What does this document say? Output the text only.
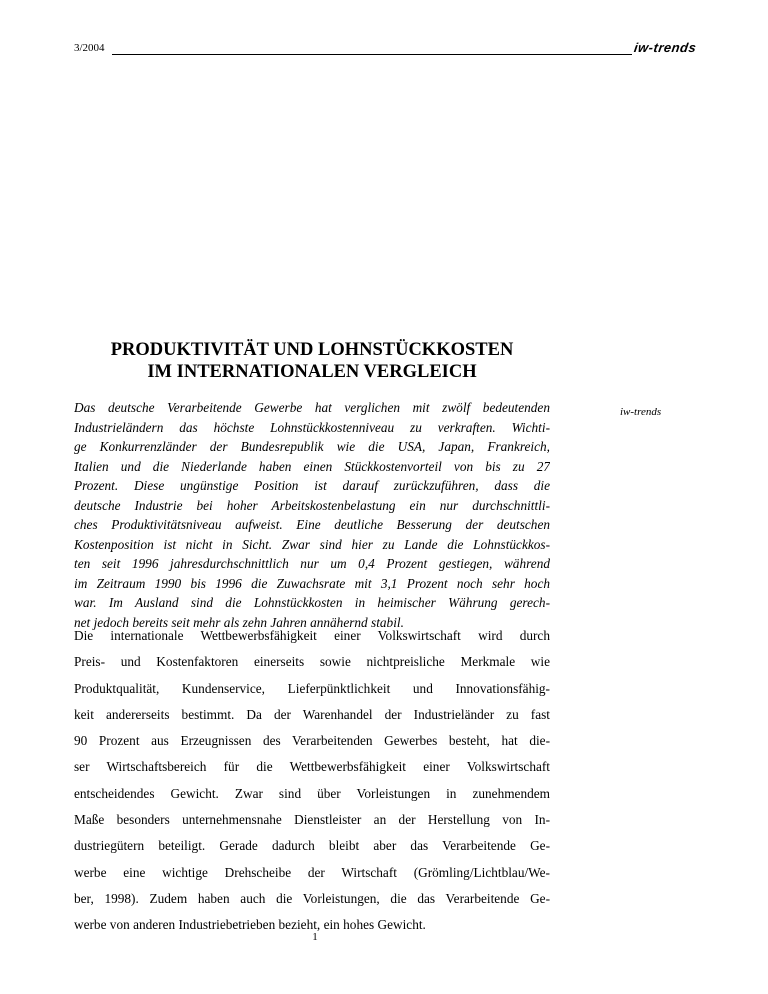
3/2004	iw-trends
PRODUKTIVITÄT UND LOHNSTÜCKKOSTEN
IM INTERNATIONALEN VERGLEICH
iw-trends

Das deutsche Verarbeitende Gewerbe hat verglichen mit zwölf bedeutenden
Industrieländern das höchste Lohnstückkostenniveau zu verkraften. Wichti-
ge Konkurrenzländer der Bundesrepublik wie die USA, Japan, Frankreich,
Italien und die Niederlande haben einen Stückkostenvorteil von bis zu 27
Prozent. Diese ungünstige Position ist darauf zurückzuführen, dass die
deutsche Industrie bei hoher Arbeitskostenbelastung ein nur durchschnittli-
ches Produktivitätsniveau aufweist. Eine deutliche Besserung der deutschen
Kostenposition ist nicht in Sicht. Zwar sind hier zu Lande die Lohnstückkos-
ten seit 1996 jahresdurchschnittlich nur um 0,4 Prozent gestiegen, während
im Zeitraum 1990 bis 1996 die Zuwachsrate mit 3,1 Prozent noch sehr hoch
war. Im Ausland sind die Lohnstückkosten in heimischer Währung gerech-
net jedoch bereits seit mehr als zehn Jahren annähernd stabil.

Die internationale Wettbewerbsfähigkeit einer Volkswirtschaft wird durch
Preis- und Kostenfaktoren einerseits sowie nichtpreisliche Merkmale wie
Produktqualität, Kundenservice, Lieferpünktlichkeit und Innovationsfähig-
keit andererseits bestimmt. Da der Warenhandel der Industrieländer zu fast
90 Prozent aus Erzeugnissen des Verarbeitenden Gewerbes besteht, hat die-
ser Wirtschaftsbereich für die Wettbewerbsfähigkeit einer Volkswirtschaft
entscheidendes Gewicht. Zwar sind über Vorleistungen in zunehmendem
Maße besonders unternehmensnahe Dienstleister an der Herstellung von In-
dustriegütern beteiligt. Gerade dadurch bleibt aber das Verarbeitende Ge-
werbe eine wichtige Drehscheibe der Wirtschaft (Grömling/Lichtblau/We-
ber, 1998). Zudem haben auch die Vorleistungen, die das Verarbeitende Ge-
werbe von anderen Industriebetrieben bezieht, ein hohes Gewicht.

1
